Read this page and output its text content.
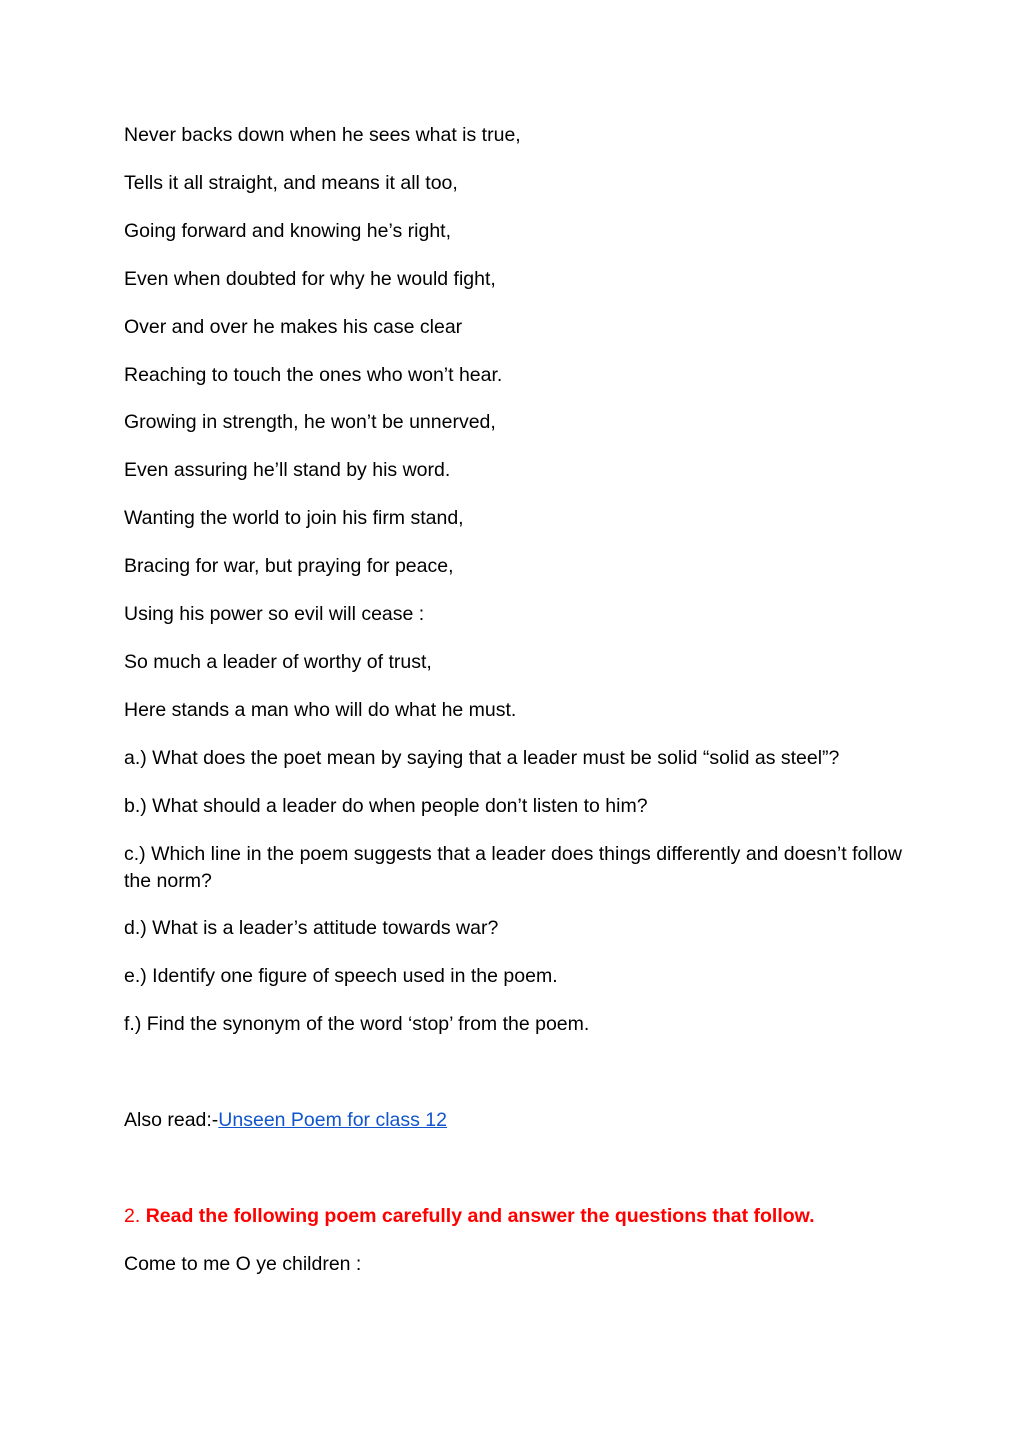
Never backs down when he sees what is true,
Tells it all straight, and means it all too,
Going forward and knowing he’s right,
Even when doubted for why he would fight,
Over and over he makes his case clear
Reaching to touch the ones who won’t hear.
Growing in strength, he won’t be unnerved,
Even assuring he’ll stand by his word.
Wanting the world to join his firm stand,
Bracing for war, but praying for peace,
Using his power so evil will cease :
So much a leader of worthy of trust,
Here stands a man who will do what he must.
a.) What does the poet mean by saying that a leader must be solid “solid as steel”?
b.) What should a leader do when people don’t listen to him?
c.) Which line in the poem suggests that a leader does things differently and doesn’t follow the norm?
d.) What is a leader’s attitude towards war?
e.) Identify one figure of speech used in the poem.
f.) Find the synonym of the word ‘stop’ from the poem.
Also read:-Unseen Poem for class 12
2. Read the following poem carefully and answer the questions that follow.
Come to me O ye children :
